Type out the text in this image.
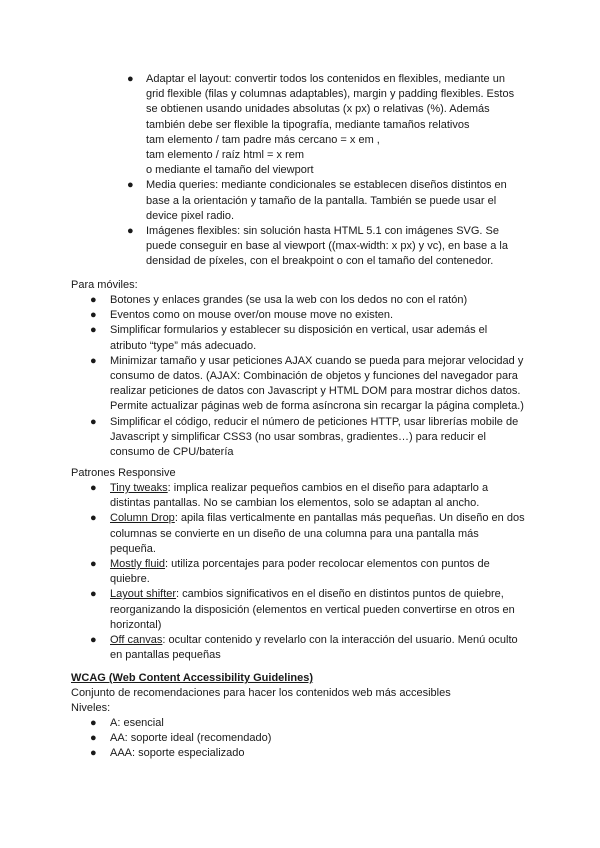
● Adaptar el layout: convertir todos los contenidos en flexibles, mediante un
grid flexible (filas y columnas adaptables), margin y padding flexibles. Estos
se obtienen usando unidades absolutas (x px) o relativas (%). Además
también debe ser flexible la tipografía, mediante tamaños relativos
tam elemento / tam padre más cercano = x em ,
tam elemento / raíz html = x rem
o mediante el tamaño del viewport
● Media queries: mediante condicionales se establecen diseños distintos en
base a la orientación y tamaño de la pantalla. También se puede usar el
device pixel radio.
● Imágenes flexibles: sin solución hasta HTML 5.1 con imágenes SVG. Se
puede conseguir en base al viewport ((max-width: x px) y vc), en base a la
densidad de píxeles, con el breakpoint o con el tamaño del contenedor.
Para móviles:
● Botones y enlaces grandes (se usa la web con los dedos no con el ratón)
● Eventos como on mouse over/on mouse move no existen.
● Simplificar formularios y establecer su disposición en vertical, usar además el
atributo “type” más adecuado.
● Minimizar tamaño y usar peticiones AJAX cuando se pueda para mejorar velocidad y
consumo de datos. (AJAX: Combinación de objetos y funciones del navegador para
realizar peticiones de datos con Javascript y HTML DOM para mostrar dichos datos.
Permite actualizar páginas web de forma asíncrona sin recargar la página completa.)
● Simplificar el código, reducir el número de peticiones HTTP, usar librerías mobile de
Javascript y simplificar CSS3 (no usar sombras, gradientes…) para reducir el
consumo de CPU/batería
Patrones Responsive
● Tiny tweaks: implica realizar pequeños cambios en el diseño para adaptarlo a
distintas pantallas. No se cambian los elementos, solo se adaptan al ancho.
● Column Drop: apila filas verticalmente en pantallas más pequeñas. Un diseño en dos
columnas se convierte en un diseño de una columna para una pantalla más
pequeña.
● Mostly fluid: utiliza porcentajes para poder recolocar elementos con puntos de
quiebre.
● Layout shifter: cambios significativos en el diseño en distintos puntos de quiebre,
reorganizando la disposición (elementos en vertical pueden convertirse en otros en
horizontal)
● Off canvas: ocultar contenido y revelarlo con la interacción del usuario. Menú oculto
en pantallas pequeñas
WCAG (Web Content Accessibility Guidelines)
Conjunto de recomendaciones para hacer los contenidos web más accesibles
Niveles:
● A: esencial
● AA: soporte ideal (recomendado)
● AAA: soporte especializado
